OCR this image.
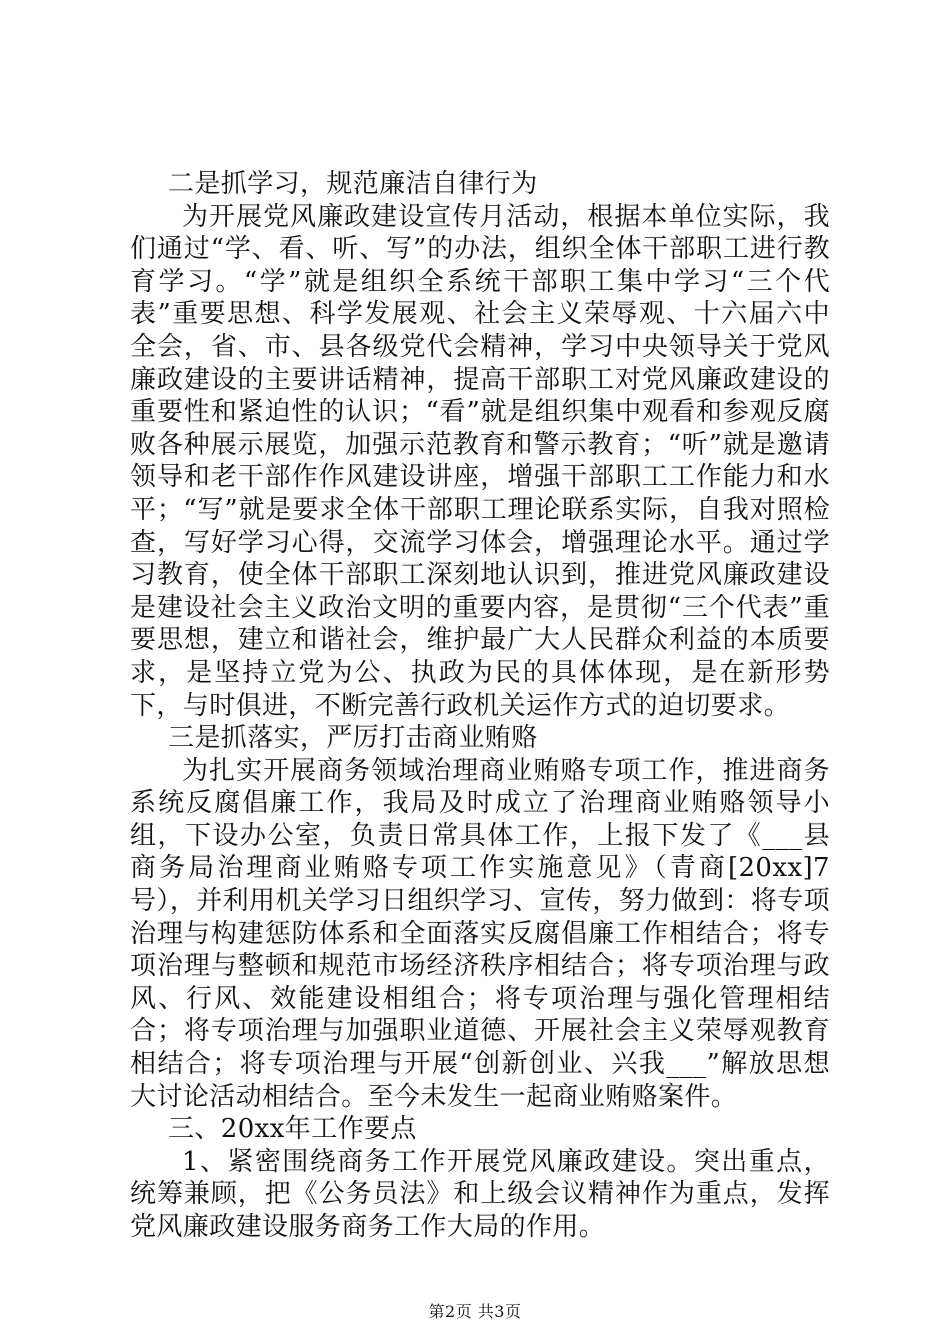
二是抓学习，规范廉洁自律行为

为开展党风廉政建设宣传月活动，根据本单位实际，我们通过“学、看、听、写”的办法，组织全体干部职工进行教育学习。“学”就是组织全系统干部职工集中学习“三个代表”重要思想、科学发展观、社会主义荣辱观、十六届六中全会，省、市、县各级党代会精神，学习中央领导关于党风廉政建设的主要讲话精神，提高干部职工对党风廉政建设的重要性和紧迫性的认识；“看”就是组织集中观看和参观反腐败各种展示展览，加强示范教育和警示教育；“听”就是邀请领导和老干部作作风建设讲座，增强干部职工工作能力和水平；“写”就是要求全体干部职工理论联系实际，自我对照检查，写好学习心得，交流学习体会，增强理论水平。通过学习教育，使全体干部职工深刻地认识到，推进党风廉政建设是建设社会主义政治文明的重要内容，是贯彻“三个代表”重要思想，建立和谐社会，维护最广大人民群众利益的本质要求，是坚持立党为公、执政为民的具体体现，是在新形势下，与时俱进，不断完善行政机关运作方式的迫切要求。

三是抓落实，严厉打击商业贿赂

为扎实开展商务领域治理商业贿赂专项工作，推进商务系统反腐倡廉工作，我局及时成立了治理商业贿赂领导小组，下设办公室，负责日常具体工作，上报下发了《___县商务局治理商业贿赂专项工作实施意见》（青商[20xx]7号），并利用机关学习日组织学习、宣传，努力做到：将专项治理与构建惩防体系和全面落实反腐倡廉工作相结合；将专项治理与整顿和规范市场经济秩序相结合；将专项治理与政风、行风、效能建设相组合；将专项治理与强化管理相结合；将专项治理与加强职业道德、开展社会主义荣辱观教育相结合；将专项治理与开展“创新创业、兴我___”解放思想大讨论活动相结合。至今未发生一起商业贿赂案件。

三、20xx年工作要点

1、紧密围绕商务工作开展党风廉政建设。突出重点，统筹兼顾，把《公务员法》和上级会议精神作为重点，发挥党风廉政建设服务商务工作大局的作用。

第2页 共3页
